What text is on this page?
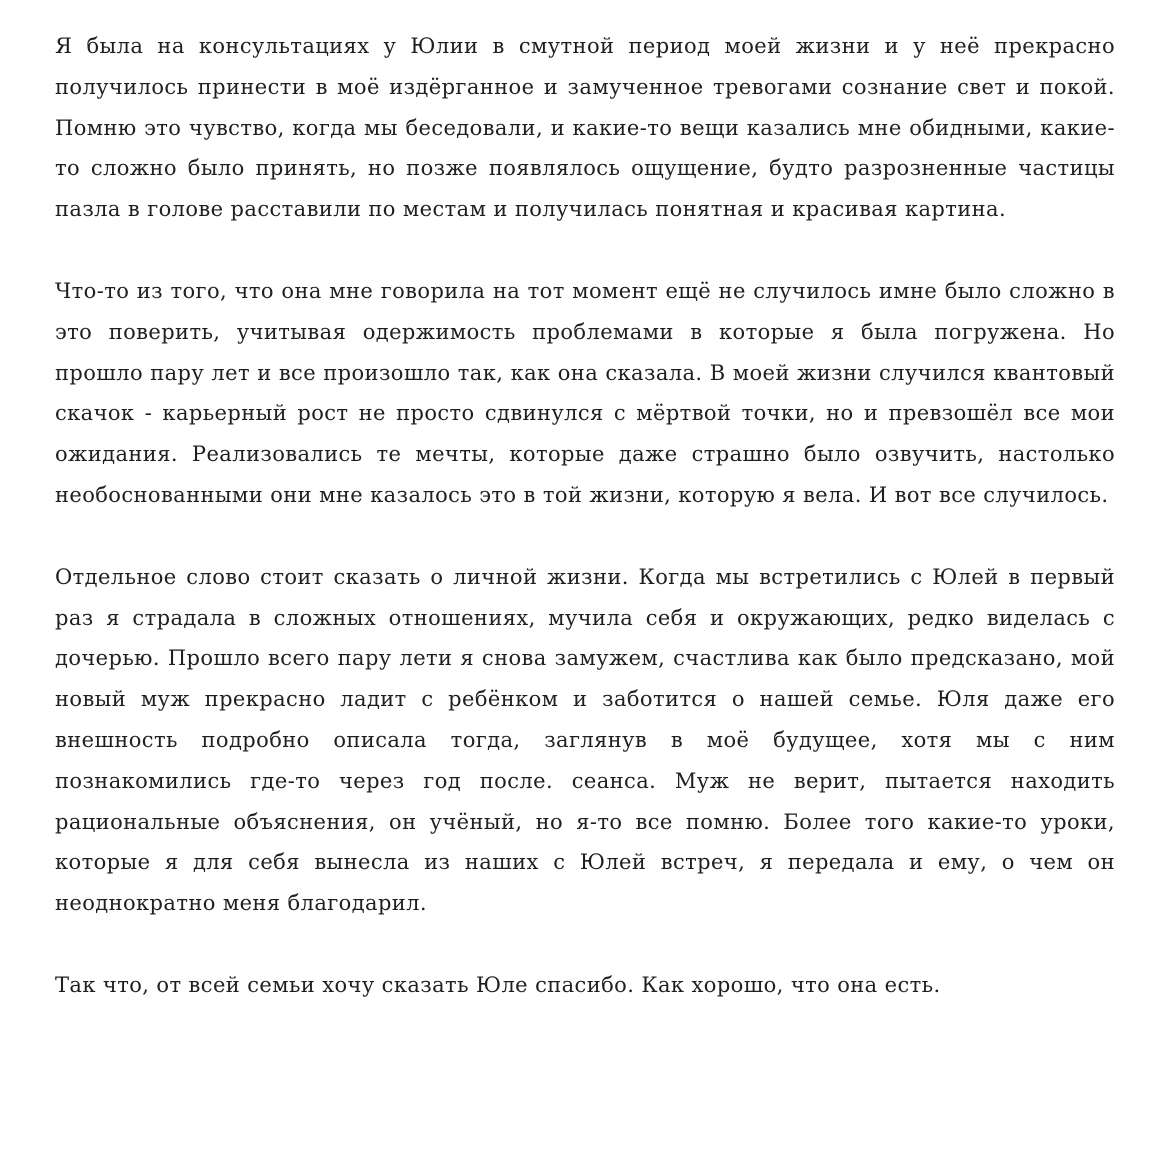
Я была на консультациях у Юлии в смутной период моей жизни и у неё прекрасно получилось принести в моё издёрганное и замученное тревогами сознание свет и покой. Помню это чувство, когда мы беседовали, и какие-то вещи казались мне обидными, какие-то сложно было принять, но позже появлялось ощущение, будто разрозненные частицы пазла в голове расставили по местам и получилась понятная и красивая картина.

Что-то из того, что она мне говорила на тот момент ещё не случилось имне было сложно в это поверить, учитывая одержимость проблемами в которые я была погружена. Но прошло пару лет и все произошло так, как она сказала. В моей жизни случился квантовый скачок - карьерный рост не просто сдвинулся с мёртвой точки, но и превзошёл все мои ожидания. Реализовались те мечты, которые даже страшно было озвучить, настолько необоснованными они мне казалось это в той жизни, которую я вела. И вот все случилось.

Отдельное слово стоит сказать о личной жизни. Когда мы встретились с Юлей в первый раз я страдала в сложных отношениях, мучила себя и окружающих, редко виделась с дочерью. Прошло всего пару лети я снова замужем, счастлива как было предсказано, мой новый муж прекрасно ладит с ребёнком и заботится о нашей семье. Юля даже его внешность подробно описала тогда, заглянув в моё будущее, хотя мы с ним познакомились где-то через год после. сеанса. Муж не верит, пытается находить рациональные объяснения, он учёный, но я-то все помню. Более того какие-то уроки, которые я для себя вынесла из наших с Юлей встреч, я передала и ему, о чем он неоднократно меня благодарил.

Так что, от всей семьи хочу сказать Юле спасибо. Как хорошо, что она есть.
